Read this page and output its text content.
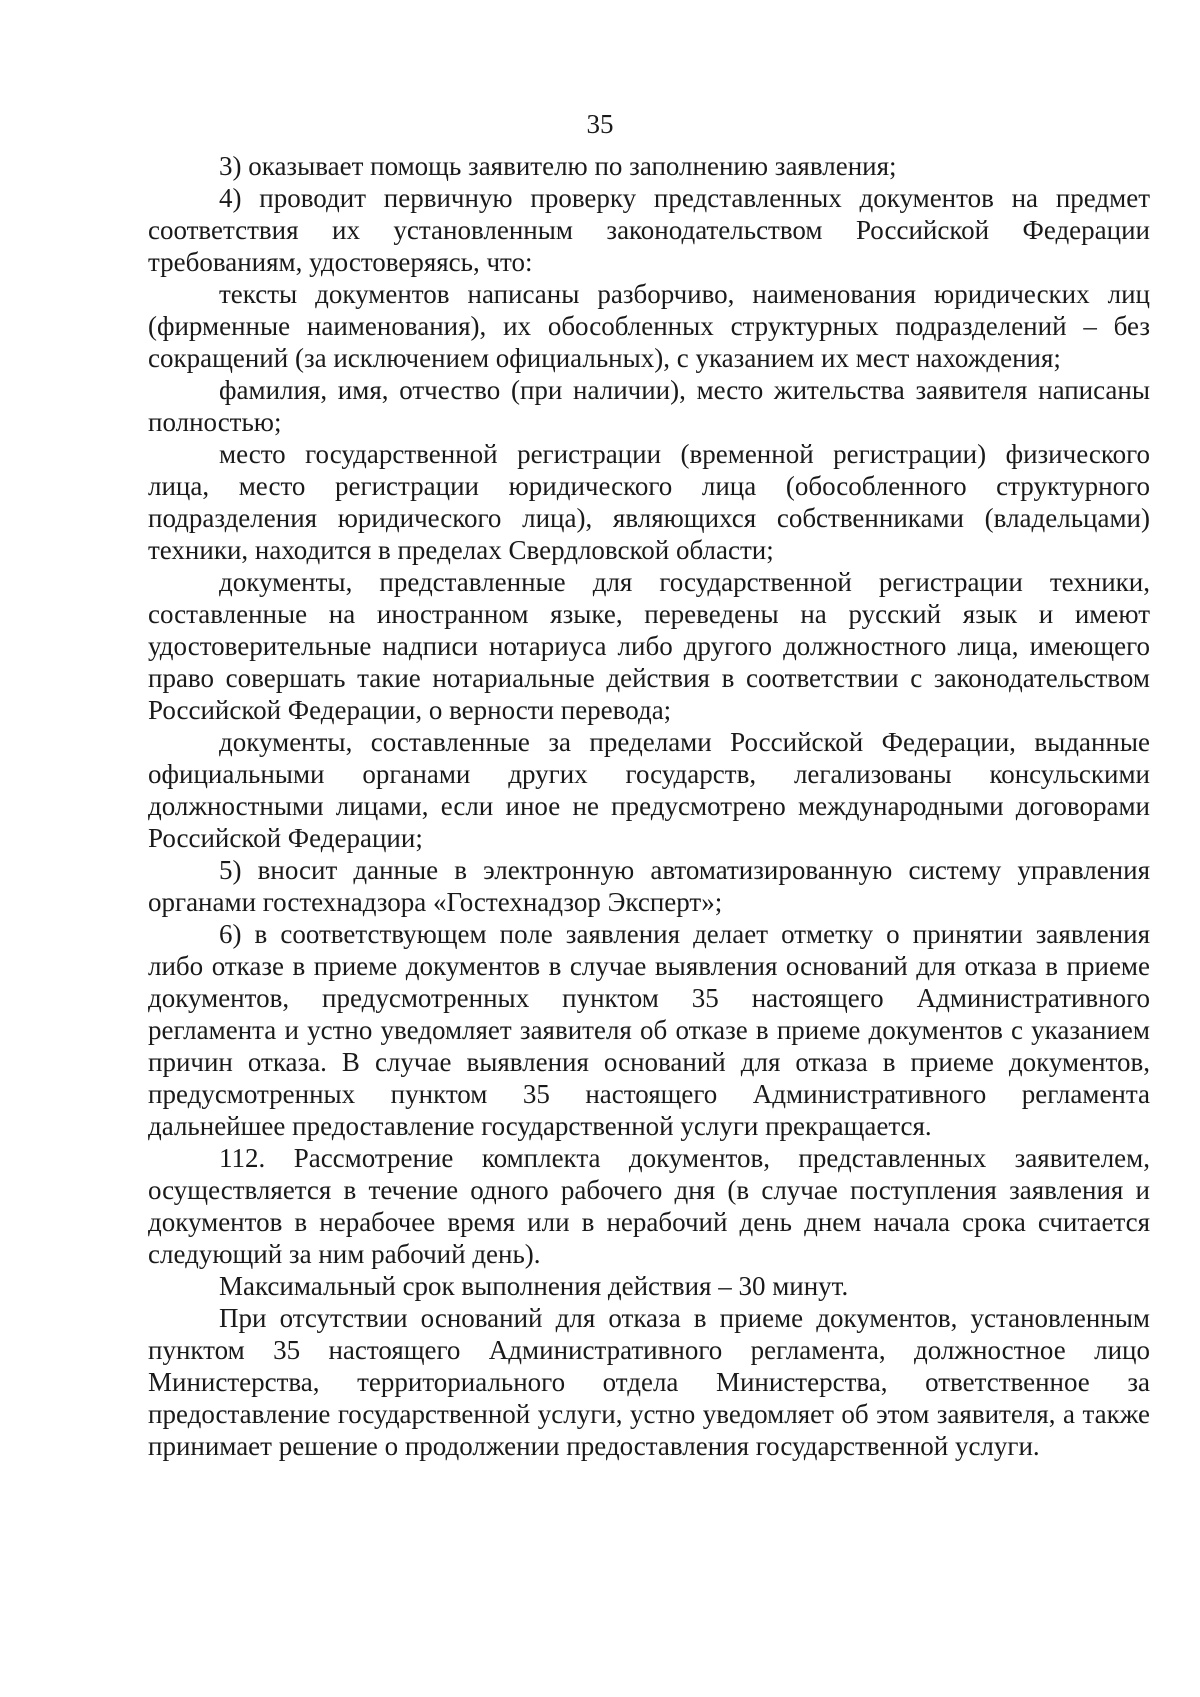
35

3) оказывает помощь заявителю по заполнению заявления;

4) проводит первичную проверку представленных документов на предмет соответствия их установленным законодательством Российской Федерации требованиям, удостоверяясь, что:

тексты документов написаны разборчиво, наименования юридических лиц (фирменные наименования), их обособленных структурных подразделений – без сокращений (за исключением официальных), с указанием их мест нахождения;

фамилия, имя, отчество (при наличии), место жительства заявителя написаны полностью;

место государственной регистрации (временной регистрации) физического лица, место регистрации юридического лица (обособленного структурного подразделения юридического лица), являющихся собственниками (владельцами) техники, находится в пределах Свердловской области;

документы, представленные для государственной регистрации техники, составленные на иностранном языке, переведены на русский язык и имеют удостоверительные надписи нотариуса либо другого должностного лица, имеющего право совершать такие нотариальные действия в соответствии с законодательством Российской Федерации, о верности перевода;

документы, составленные за пределами Российской Федерации, выданные официальными органами других государств, легализованы консульскими должностными лицами, если иное не предусмотрено международными договорами Российской Федерации;

5) вносит данные в электронную автоматизированную систему управления органами гостехнадзора «Гостехнадзор Эксперт»;

6) в соответствующем поле заявления делает отметку о принятии заявления либо отказе в приеме документов в случае выявления оснований для отказа в приеме документов, предусмотренных пунктом 35 настоящего Административного регламента и устно уведомляет заявителя об отказе в приеме документов с указанием причин отказа. В случае выявления оснований для отказа в приеме документов, предусмотренных пунктом 35 настоящего Административного регламента дальнейшее предоставление государственной услуги прекращается.

112. Рассмотрение комплекта документов, представленных заявителем, осуществляется в течение одного рабочего дня (в случае поступления заявления и документов в нерабочее время или в нерабочий день днем начала срока считается следующий за ним рабочий день).

Максимальный срок выполнения действия – 30 минут.

При отсутствии оснований для отказа в приеме документов, установленным пунктом 35 настоящего Административного регламента, должностное лицо Министерства, территориального отдела Министерства, ответственное за предоставление государственной услуги, устно уведомляет об этом заявителя, а также принимает решение о продолжении предоставления государственной услуги.
